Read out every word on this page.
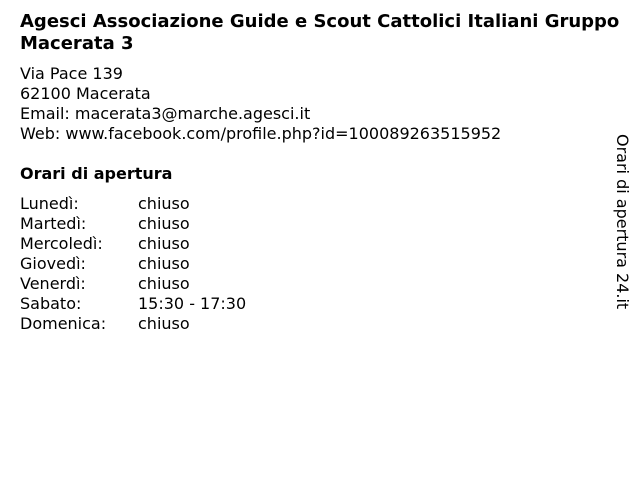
Agesci Associazione Guide e Scout Cattolici Italiani Gruppo Macerata 3
Via Pace 139
62100 Macerata
Email: macerata3@marche.agesci.it
Web: www.facebook.com/profile.php?id=100089263515952
Orari di apertura
Lunedì:	chiuso
Martedì:	chiuso
Mercoledì:	chiuso
Giovedì:	chiuso
Venerdì:	chiuso
Sabato:	15:30 - 17:30
Domenica:	chiuso
Orari di apertura 24.it
